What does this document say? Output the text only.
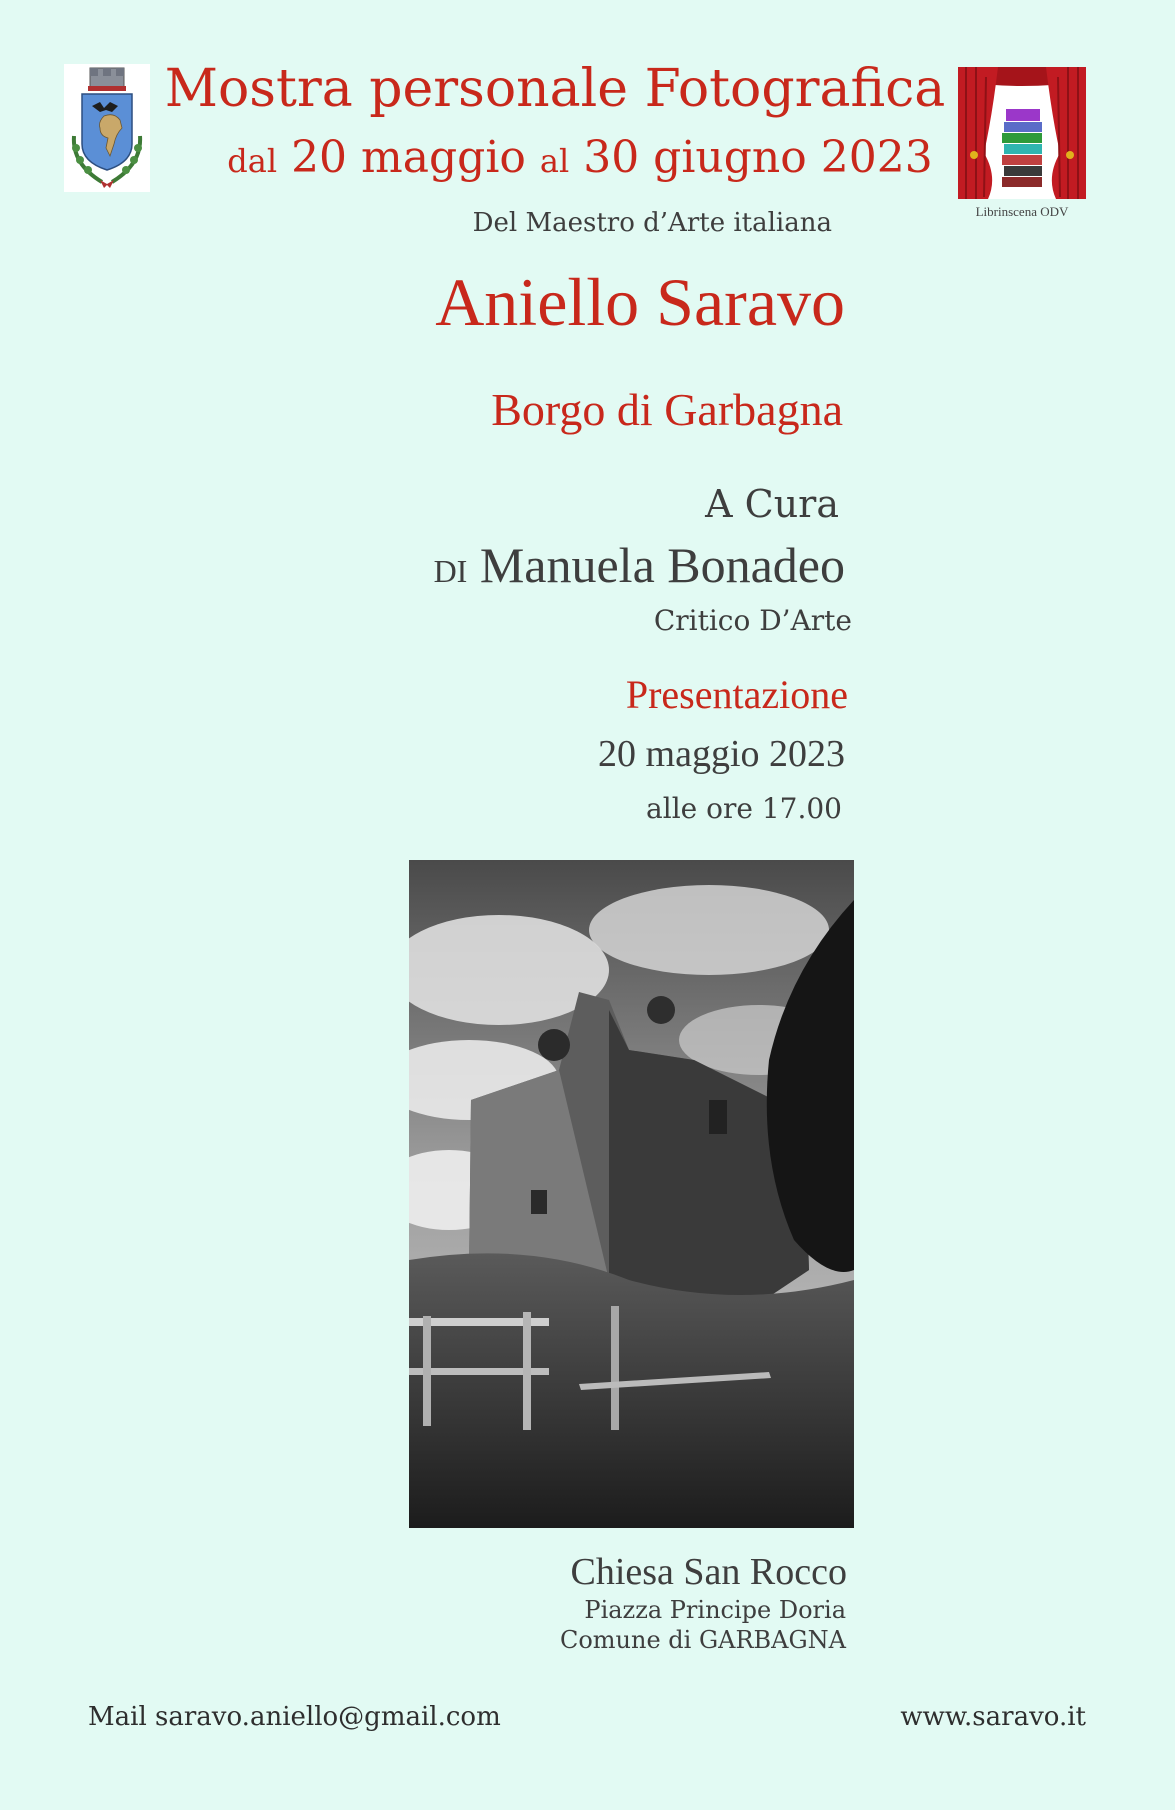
Mostra personale Fotografica
dal 20 maggio al 30 giugno 2023
Librinscena ODV
Del Maestro d’Arte italiana
Aniello Saravo
Borgo di Garbagna
A Cura
DI Manuela Bonadeo
Critico D’Arte
Presentazione
20 maggio 2023
alle ore 17.00
Chiesa San Rocco
Piazza Principe Doria
Comune di GARBAGNA
Mail saravo.aniello@gmail.com	www.saravo.it
